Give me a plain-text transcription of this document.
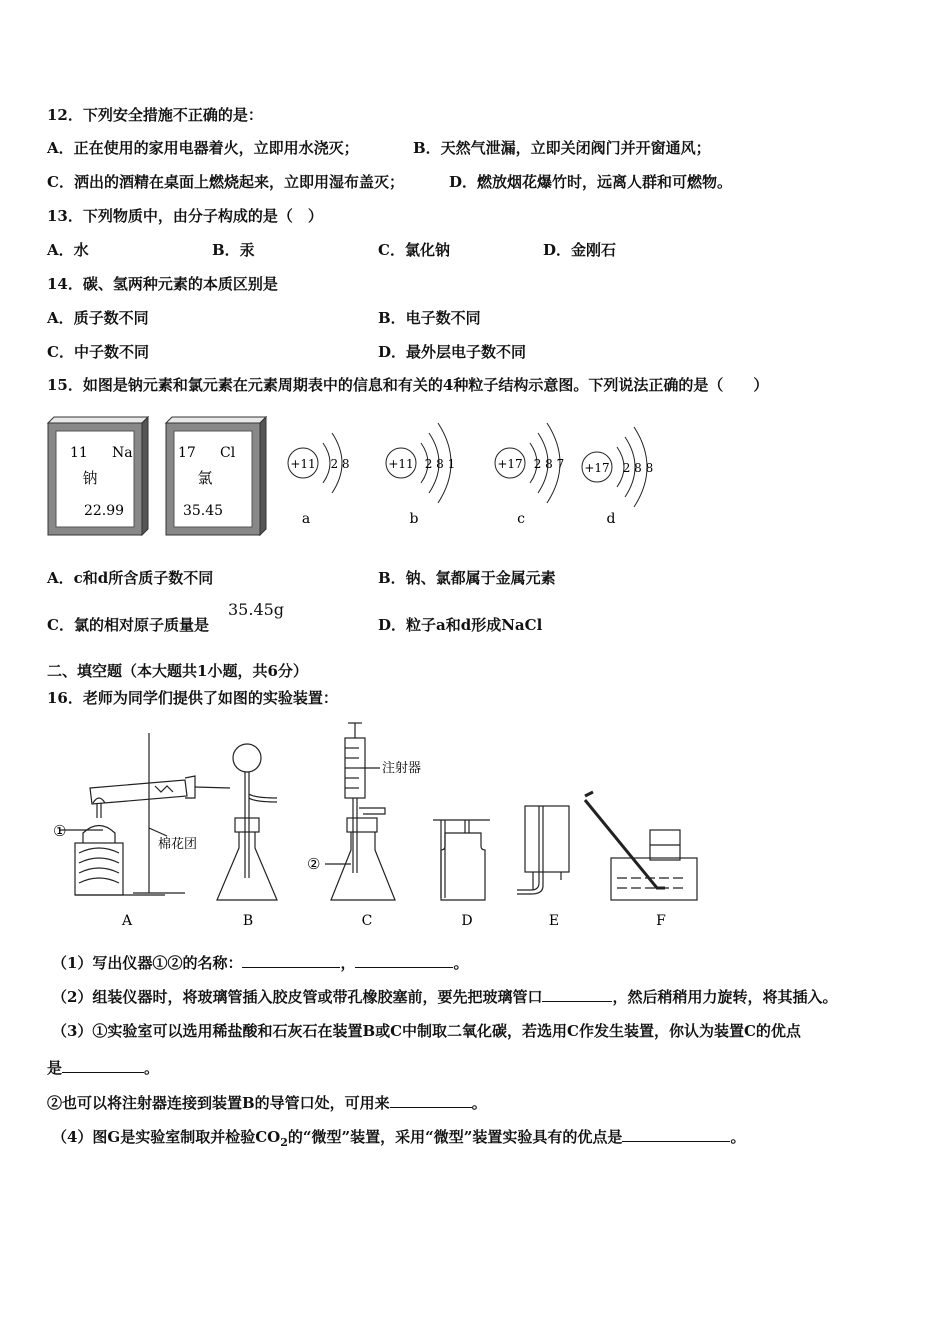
12．下列安全措施不正确的是：
A．正在使用的家用电器着火，立即用水浇灭；	B．天然气泄漏，立即关闭阀门并开窗通风；
C．洒出的酒精在桌面上燃烧起来，立即用湿布盖灭；	D．燃放烟花爆竹时，远离人群和可燃物。
13．下列物质中，由分子构成的是（　）
A．水	B．汞	C．氯化钠	D．金刚石
14．碳、氢两种元素的本质区别是
A．质子数不同	B．电子数不同
C．中子数不同	D．最外层电子数不同
15．如图是钠元素和氯元素在元素周期表中的信息和有关的4种粒子结构示意图。下列说法正确的是（　　）
11 Na
钠
22.99
17 Cl
氯
35.45
+11 2 8
a
+11 2 8 1
b
+17 2 8 7
c
+17 2 8 8
d
A．c和d所含质子数不同	B．钠、氯都属于金属元素
C．氯的相对原子质量是
35.45g
D．粒子a和d形成NaCl
二、填空题（本大题共1小题，共6分）
16．老师为同学们提供了如图的实验装置：
①
棉花团
注射器
②
A	B	C	D	E	F
（1）写出仪器①②的名称：	，	。
（2）组装仪器时，将玻璃管插入胶皮管或带孔橡胶塞前，要先把玻璃管口	，然后稍稍用力旋转，将其插入。
（3）①实验室可以选用稀盐酸和石灰石在装置B或C中制取二氧化碳，若选用C作发生装置，你认为装置C的优点
是	。
②也可以将注射器连接到装置B的导管口处，可用来	。
（4）图G是实验室制取并检验$CO_2$的“微型”装置，采用“微型”装置实验具有的优点是	。
